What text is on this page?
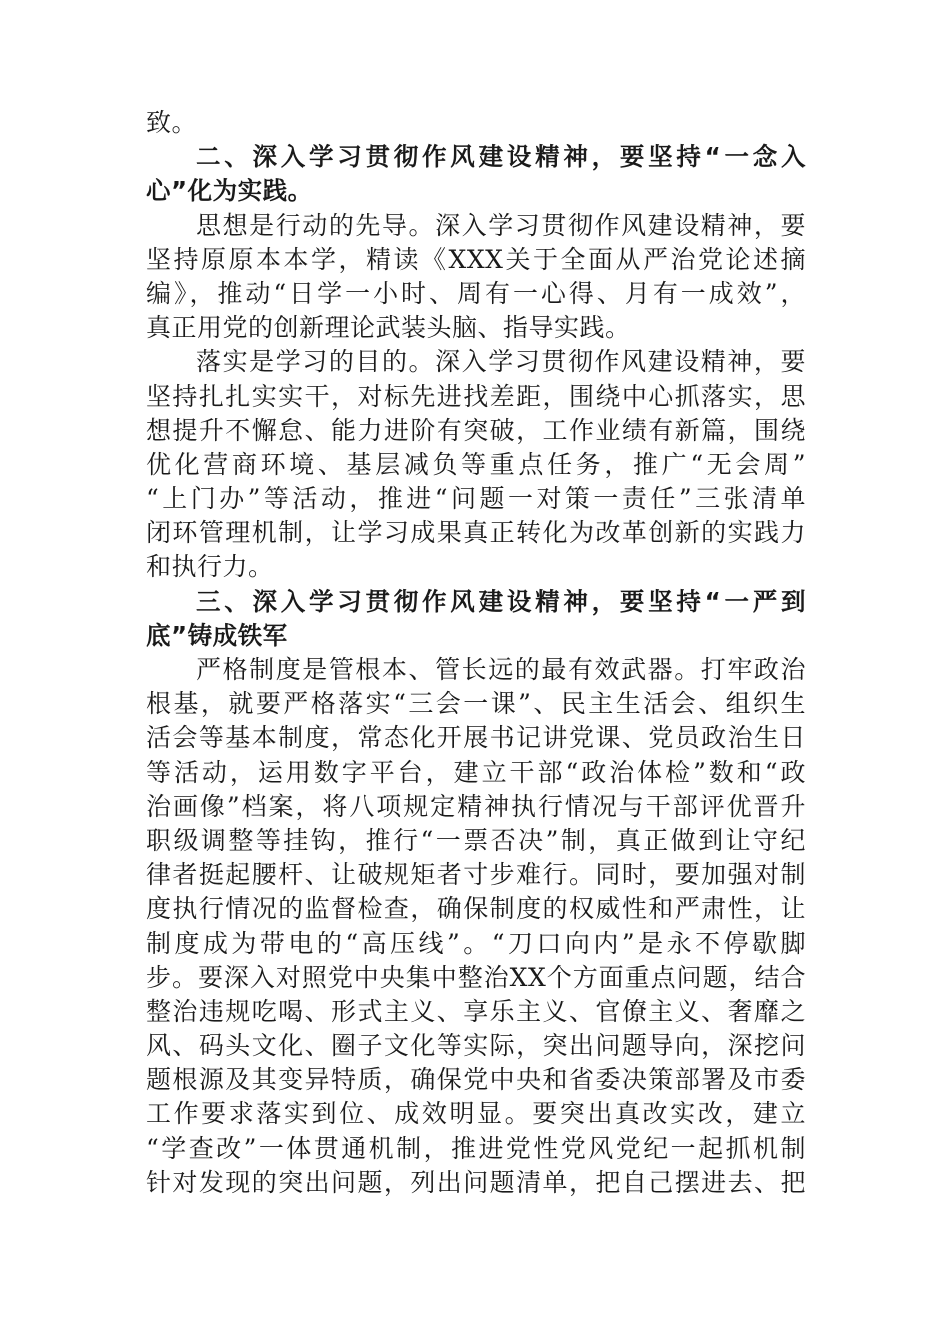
致。
二、深入学习贯彻作风建设精神，要坚持“一念入
心”化为实践。
思想是行动的先导。深入学习贯彻作风建设精神，要
坚持原原本本学，精读《XXX关于全面从严治党论述摘
编》，推动“日学一小时、周有一心得、月有一成效”，
真正用党的创新理论武装头脑、指导实践。
落实是学习的目的。深入学习贯彻作风建设精神，要
坚持扎扎实实干，对标先进找差距，围绕中心抓落实，思
想提升不懈怠、能力进阶有突破，工作业绩有新篇，围绕
优化营商环境、基层减负等重点任务，推广“无会周”
“上门办”等活动，推进“问题一对策一责任”三张清单
闭环管理机制，让学习成果真正转化为改革创新的实践力
和执行力。
三、深入学习贯彻作风建设精神，要坚持“一严到
底”铸成铁军
严格制度是管根本、管长远的最有效武器。打牢政治
根基，就要严格落实“三会一课”、民主生活会、组织生
活会等基本制度，常态化开展书记讲党课、党员政治生日
等活动，运用数字平台，建立干部“政治体检”数和“政
治画像”档案，将八项规定精神执行情况与干部评优晋升
职级调整等挂钩，推行“一票否决”制，真正做到让守纪
律者挺起腰杆、让破规矩者寸步难行。同时，要加强对制
度执行情况的监督检查，确保制度的权威性和严肃性，让
制度成为带电的“高压线”。“刀口向内”是永不停歇脚
步。要深入对照党中央集中整治XX个方面重点问题，结合
整治违规吃喝、形式主义、享乐主义、官僚主义、奢靡之
风、码头文化、圈子文化等实际，突出问题导向，深挖问
题根源及其变异特质，确保党中央和省委决策部署及市委
工作要求落实到位、成效明显。要突出真改实改，建立
“学查改”一体贯通机制，推进党性党风党纪一起抓机制
针对发现的突出问题，列出问题清单，把自己摆进去、把
